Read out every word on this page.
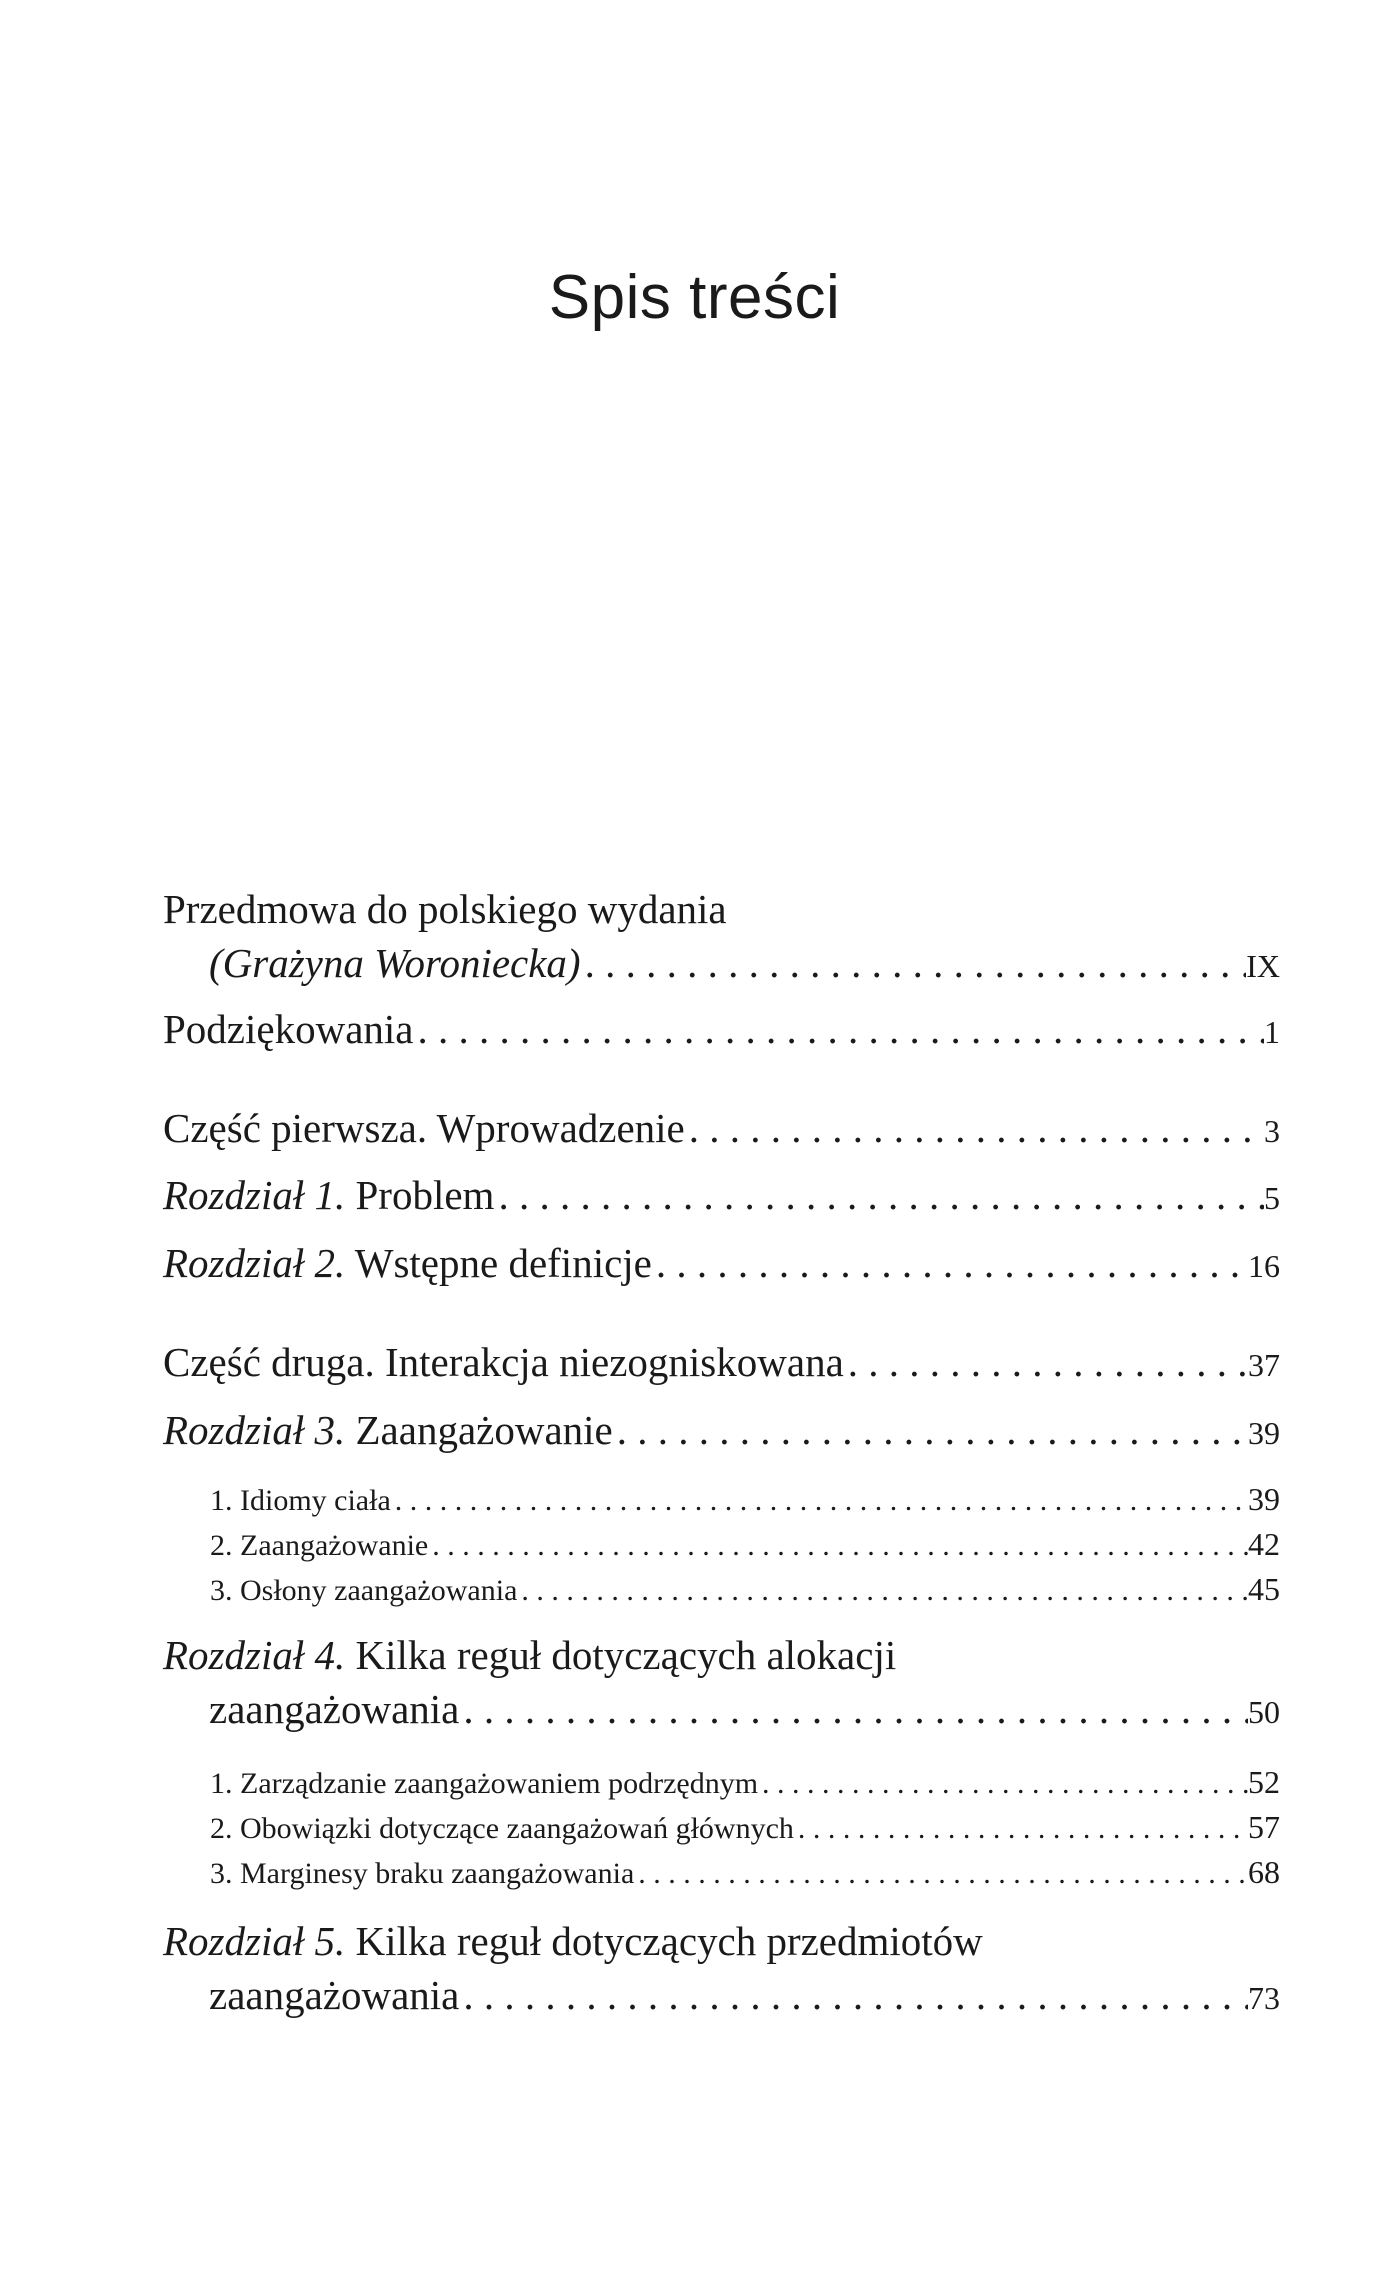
Spis treści
Przedmowa do polskiego wydania
(Grażyna Woroniecka) . . .	IX
Podziękowania . . .	1
Część pierwsza. Wprowadzenie . . .	3
Rozdział 1. Problem . . .	5
Rozdział 2. Wstępne definicje . . .	16
Część druga. Interakcja niezogniskowana . . .	37
Rozdział 3. Zaangażowanie . . .	39
1. Idiomy ciała . . .	39
2. Zaangażowanie . . .	42
3. Osłony zaangażowania . . .	45
Rozdział 4. Kilka reguł dotyczących alokacji
zaangażowania . . .	50
1. Zarządzanie zaangażowaniem podrzędnym . . .	52
2. Obowiązki dotyczące zaangażowań głównych . . .	57
3. Marginesy braku zaangażowania . . .	68
Rozdział 5. Kilka reguł dotyczących przedmiotów
zaangażowania . . .	73
